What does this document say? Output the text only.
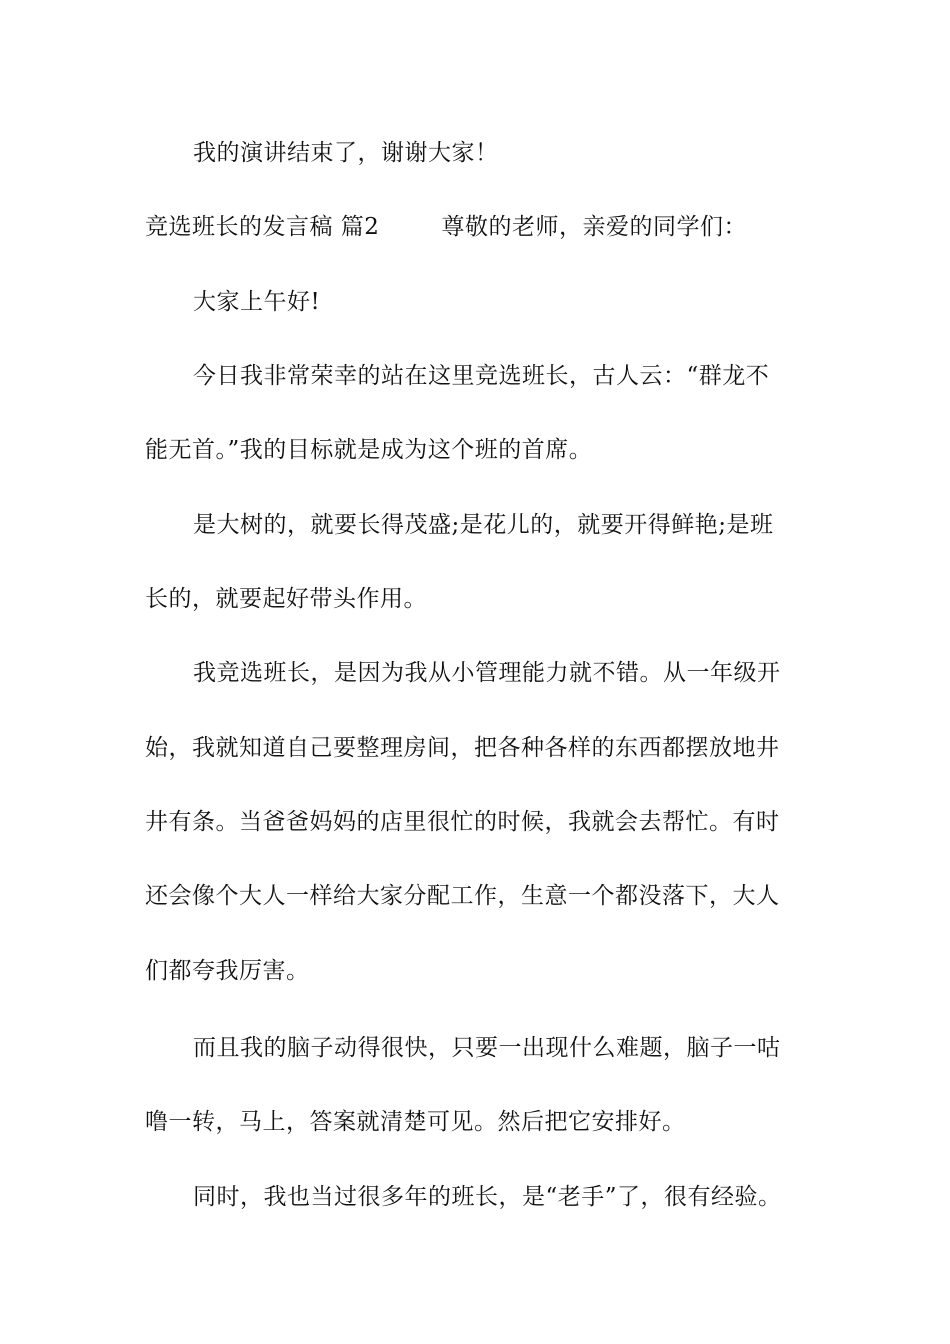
我的演讲结束了，谢谢大家！

竞选班长的发言稿 篇2	尊敬的老师，亲爱的同学们：

大家上午好!

今日我非常荣幸的站在这里竞选班长，古人云：“群龙不

能无首。”我的目标就是成为这个班的首席。

是大树的，就要长得茂盛;是花儿的，就要开得鲜艳;是班

长的，就要起好带头作用。

我竞选班长，是因为我从小管理能力就不错。从一年级开

始，我就知道自己要整理房间，把各种各样的东西都摆放地井

井有条。当爸爸妈妈的店里很忙的时候，我就会去帮忙。有时

还会像个大人一样给大家分配工作，生意一个都没落下，大人

们都夸我厉害。

而且我的脑子动得很快，只要一出现什么难题，脑子一咕

噜一转，马上，答案就清楚可见。然后把它安排好。

同时，我也当过很多年的班长，是“老手”了，很有经验。
